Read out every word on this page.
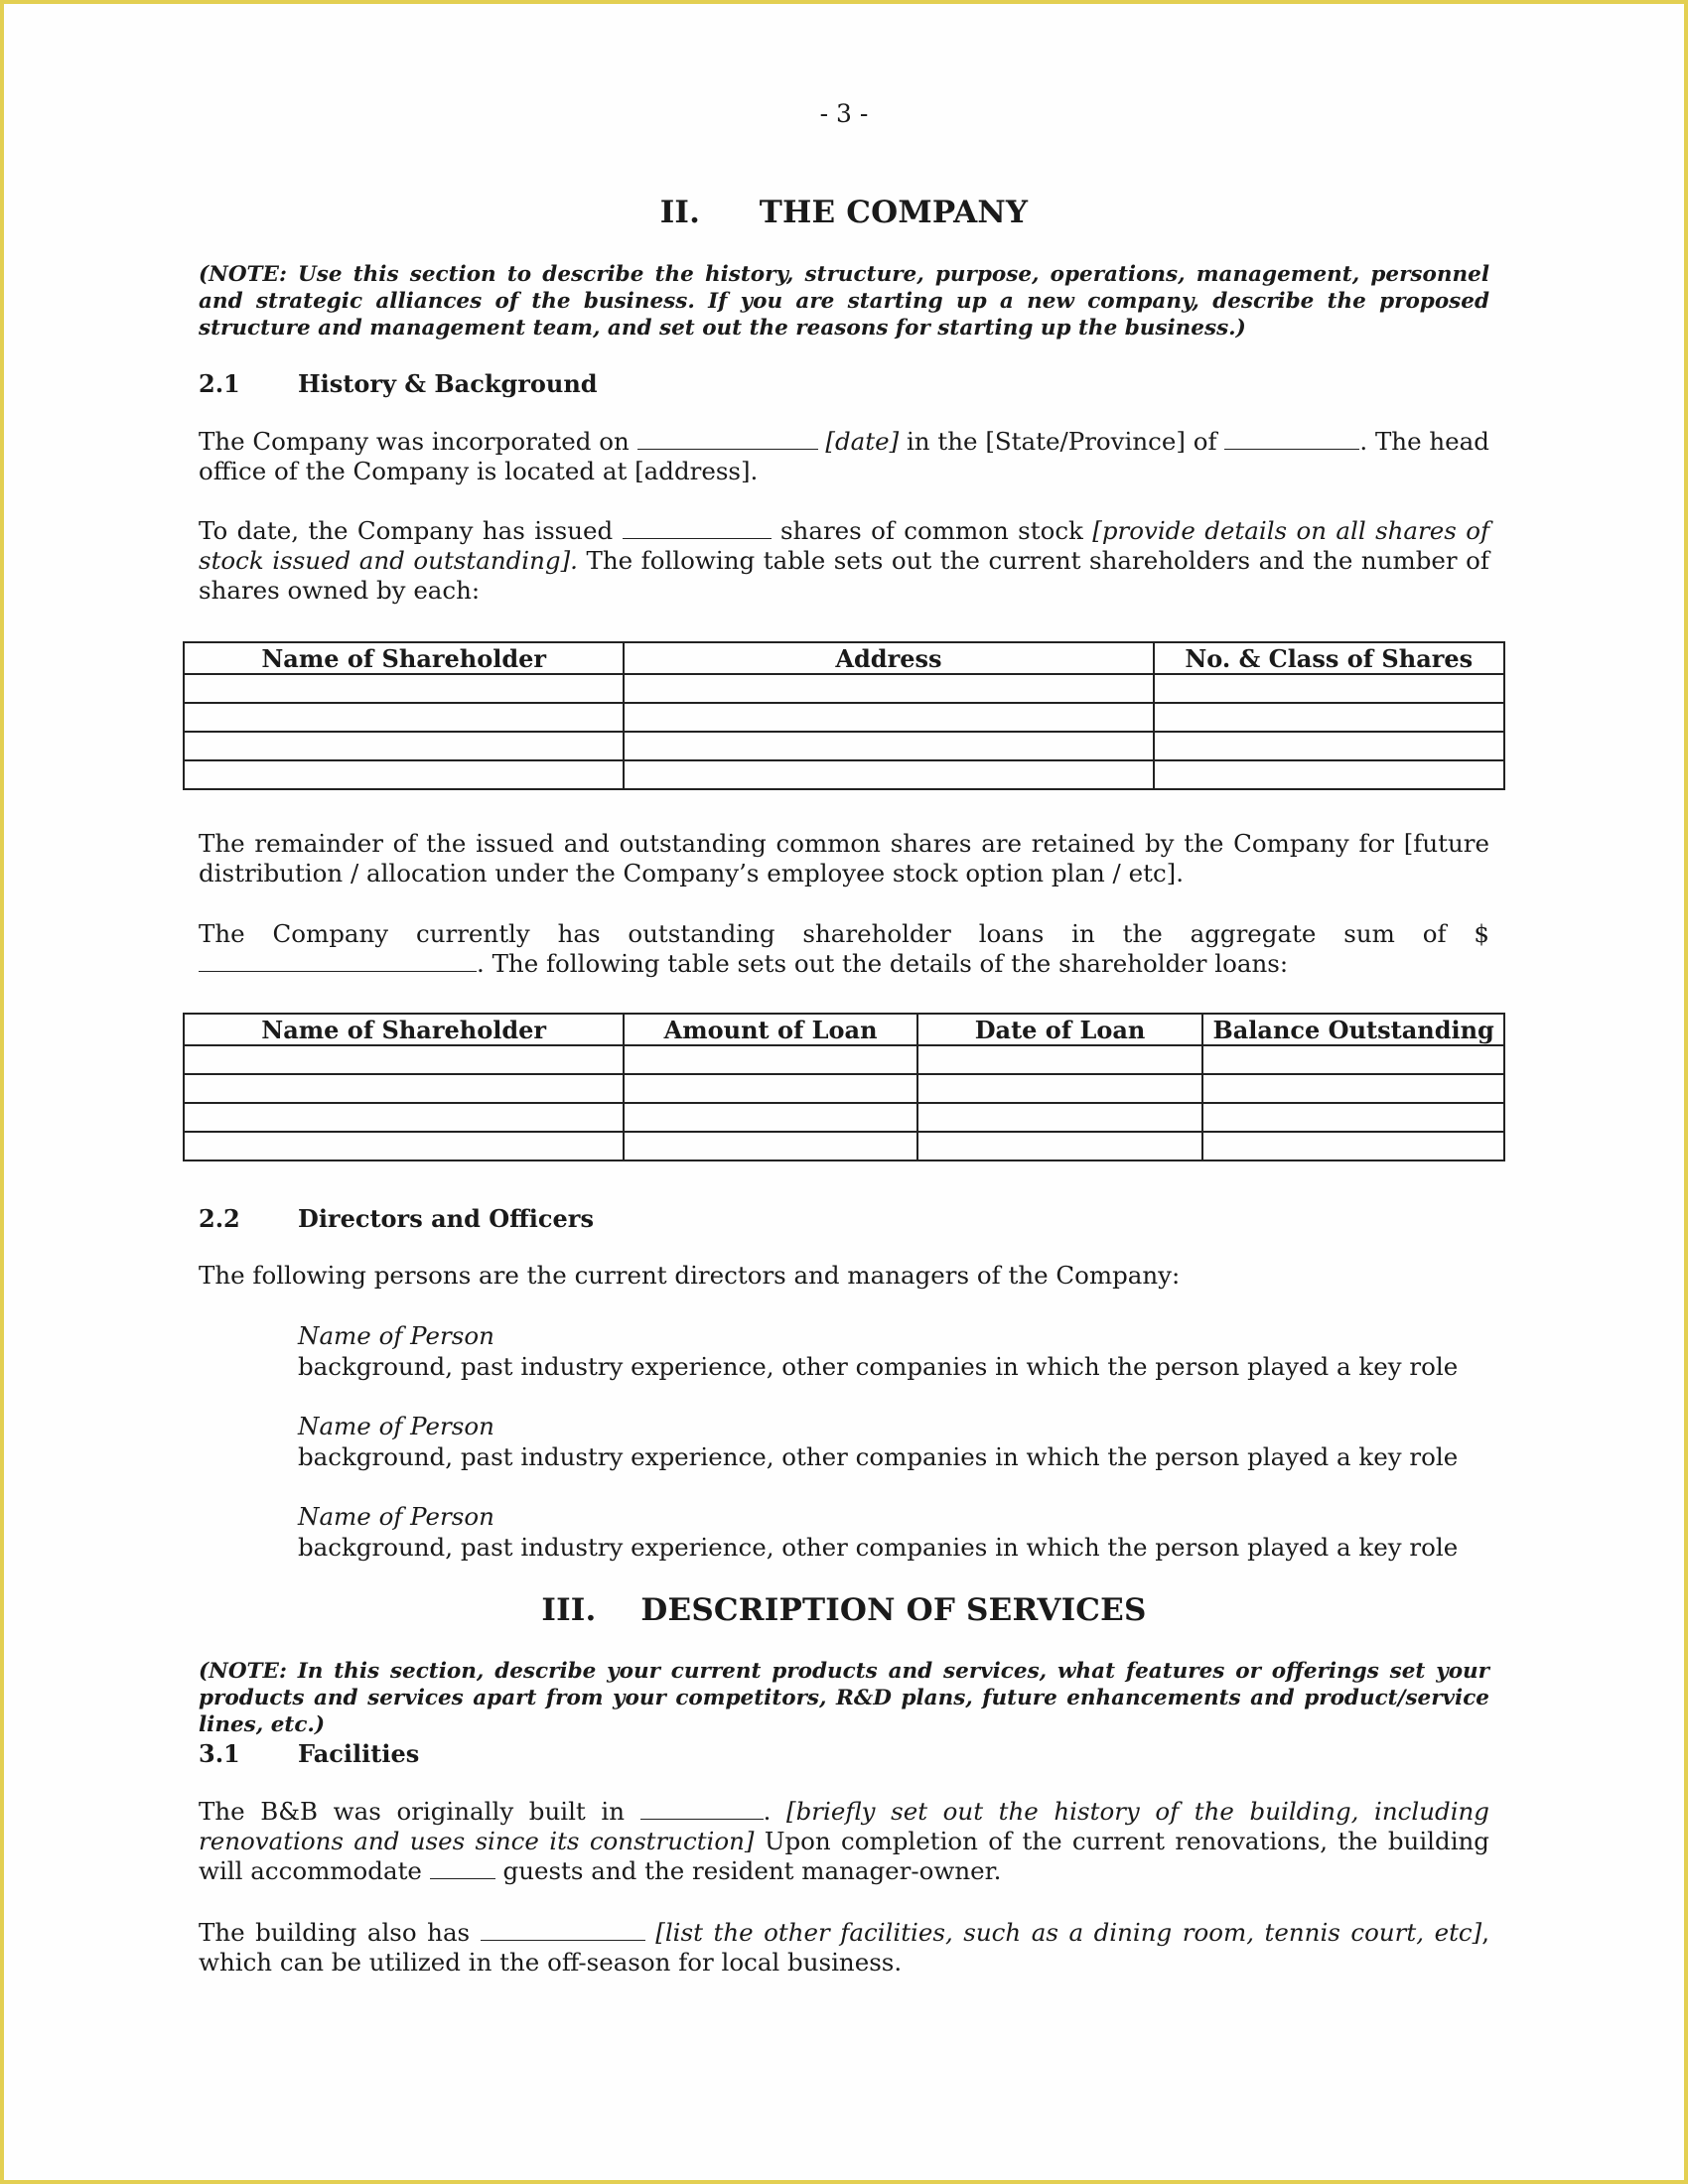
- 3 -
II. THE COMPANY
(NOTE: Use this section to describe the history, structure, purpose, operations, management, personnel and strategic alliances of the business. If you are starting up a new company, describe the proposed structure and management team, and set out the reasons for starting up the business.)
2.1 History & Background
The Company was incorporated on	[date] in the [State/Province] of	. The head office of the Company is located at [address].
To date, the Company has issued	shares of common stock [provide details on all shares of stock issued and outstanding]. The following table sets out the current shareholders and the number of shares owned by each:
Name of Shareholder	Address	No. & Class of Shares

The remainder of the issued and outstanding common shares are retained by the Company for [future distribution / allocation under the Company’s employee stock option plan / etc].
The Company currently has outstanding shareholder loans in the aggregate sum of $. The following table sets out the details of the shareholder loans:
Name of Shareholder	Amount of Loan	Date of Loan	Balance Outstanding

2.2 Directors and Officers
The following persons are the current directors and managers of the Company:
Name of Person
background, past industry experience, other companies in which the person played a key role
Name of Person
background, past industry experience, other companies in which the person played a key role
Name of Person
background, past industry experience, other companies in which the person played a key role
III. DESCRIPTION OF SERVICES
(NOTE: In this section, describe your current products and services, what features or offerings set your products and services apart from your competitors, R&D plans, future enhancements and product/service lines, etc.)
3.1 Facilities
The B&B was originally built in	. [briefly set out the history of the building, including renovations and uses since its construction] Upon completion of the current renovations, the building will accommodate	guests and the resident manager-owner.
The building also has	[list the other facilities, such as a dining room, tennis court, etc], which can be utilized in the off-season for local business.
